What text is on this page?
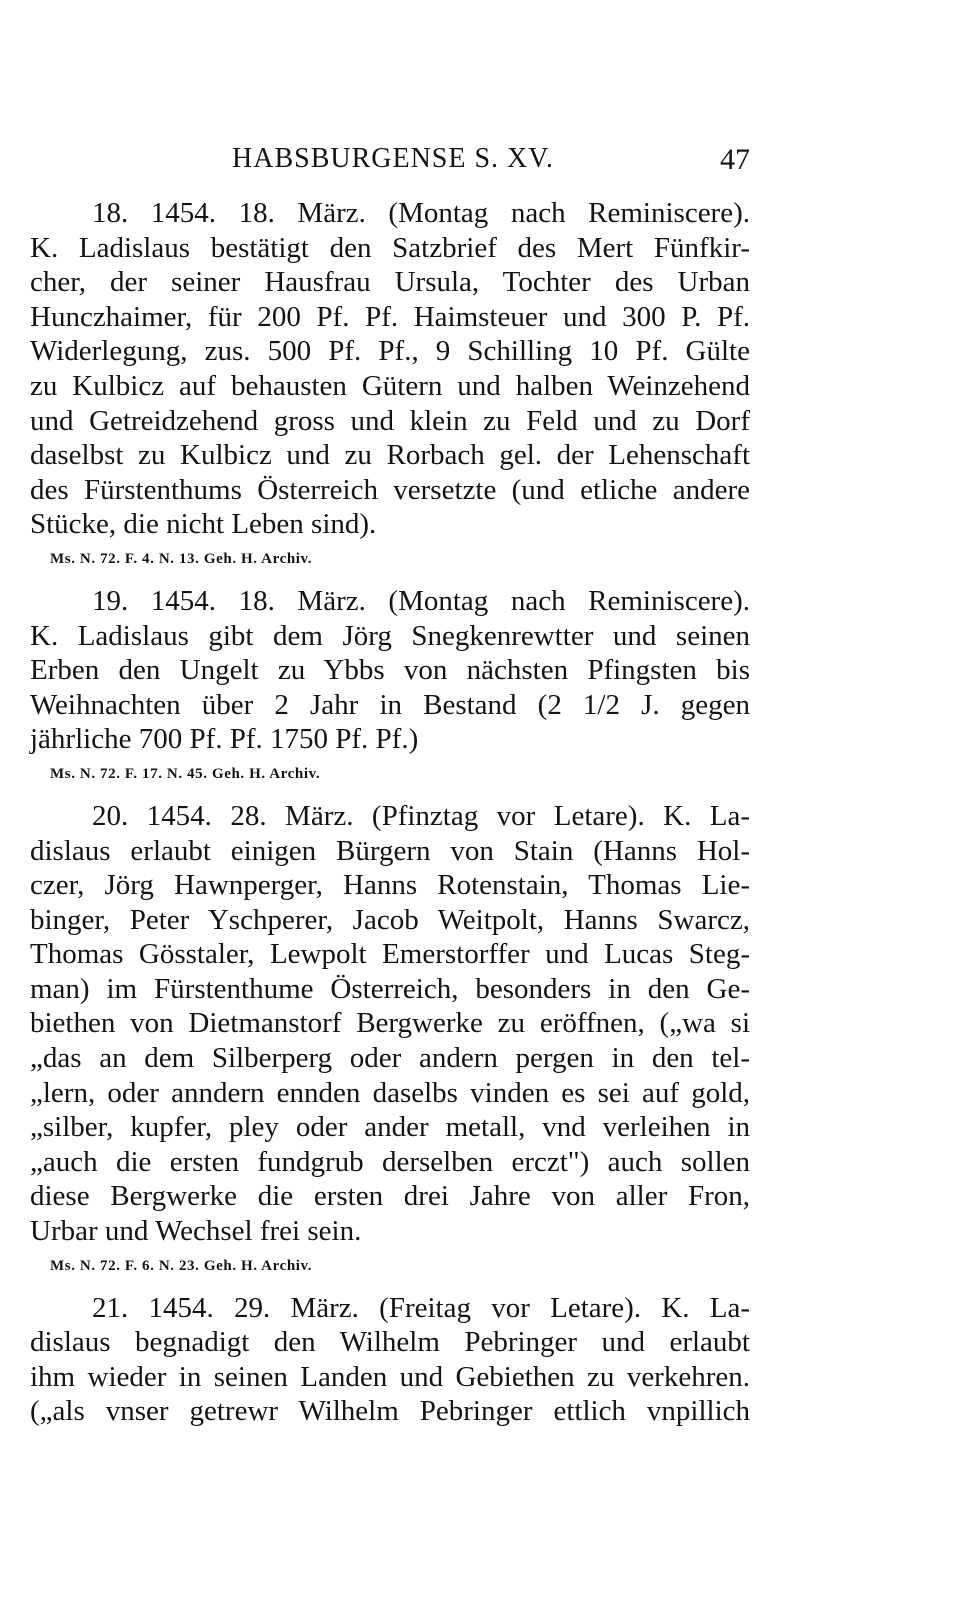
HABSBURGENSE S. XV.	47
18. 1454. 18. März. (Montag nach Reminiscere).
K. Ladislaus bestätigt den Satzbrief des Mert Fünfkir-
cher, der seiner Hausfrau Ursula, Tochter des Urban
Hunczhaimer, für 200 Pf. Pf. Haimsteuer und 300 P. Pf.
Widerlegung, zus. 500 Pf. Pf., 9 Schilling 10 Pf. Gülte
zu Kulbicz auf behausten Gütern und halben Weinzehend
und Getreidzehend gross und klein zu Feld und zu Dorf
daselbst zu Kulbicz und zu Rorbach gel. der Lehenschaft
des Fürstenthums Österreich versetzte (und etliche andere
Stücke, die nicht Leben sind).
Ms. N. 72. F. 4. N. 13. Geh. H. Archiv.
19. 1454. 18. März. (Montag nach Reminiscere).
K. Ladislaus gibt dem Jörg Snegkenrewtter und seinen
Erben den Ungelt zu Ybbs von nächsten Pfingsten bis
Weihnachten über 2 Jahr in Bestand (2 1/2 J. gegen
jährliche 700 Pf. Pf. 1750 Pf. Pf.)
Ms. N. 72. F. 17. N. 45. Geh. H. Archiv.
20. 1454. 28. März. (Pfinztag vor Letare). K. La-
dislaus erlaubt einigen Bürgern von Stain (Hanns Hol-
czer, Jörg Hawnperger, Hanns Rotenstain, Thomas Lie-
binger, Peter Yschperer, Jacob Weitpolt, Hanns Swarcz,
Thomas Gösstaler, Lewpolt Emerstorffer und Lucas Steg-
man) im Fürstenthume Österreich, besonders in den Ge-
biethen von Dietmanstorf Bergwerke zu eröffnen, („wa si
„das an dem Silberperg oder andern pergen in den tel-
„lern, oder anndern ennden daselbs vinden es sei auf gold,
„silber, kupfer, pley oder ander metall, vnd verleihen in
„auch die ersten fundgrub derselben erczt") auch sollen
diese Bergwerke die ersten drei Jahre von aller Fron,
Urbar und Wechsel frei sein.
Ms. N. 72. F. 6. N. 23. Geh. H. Archiv.
21. 1454. 29. März. (Freitag vor Letare). K. La-
dislaus begnadigt den Wilhelm Pebringer und erlaubt
ihm wieder in seinen Landen und Gebiethen zu verkehren.
(„als vnser getrewr Wilhelm Pebringer ettlich vnpillich
